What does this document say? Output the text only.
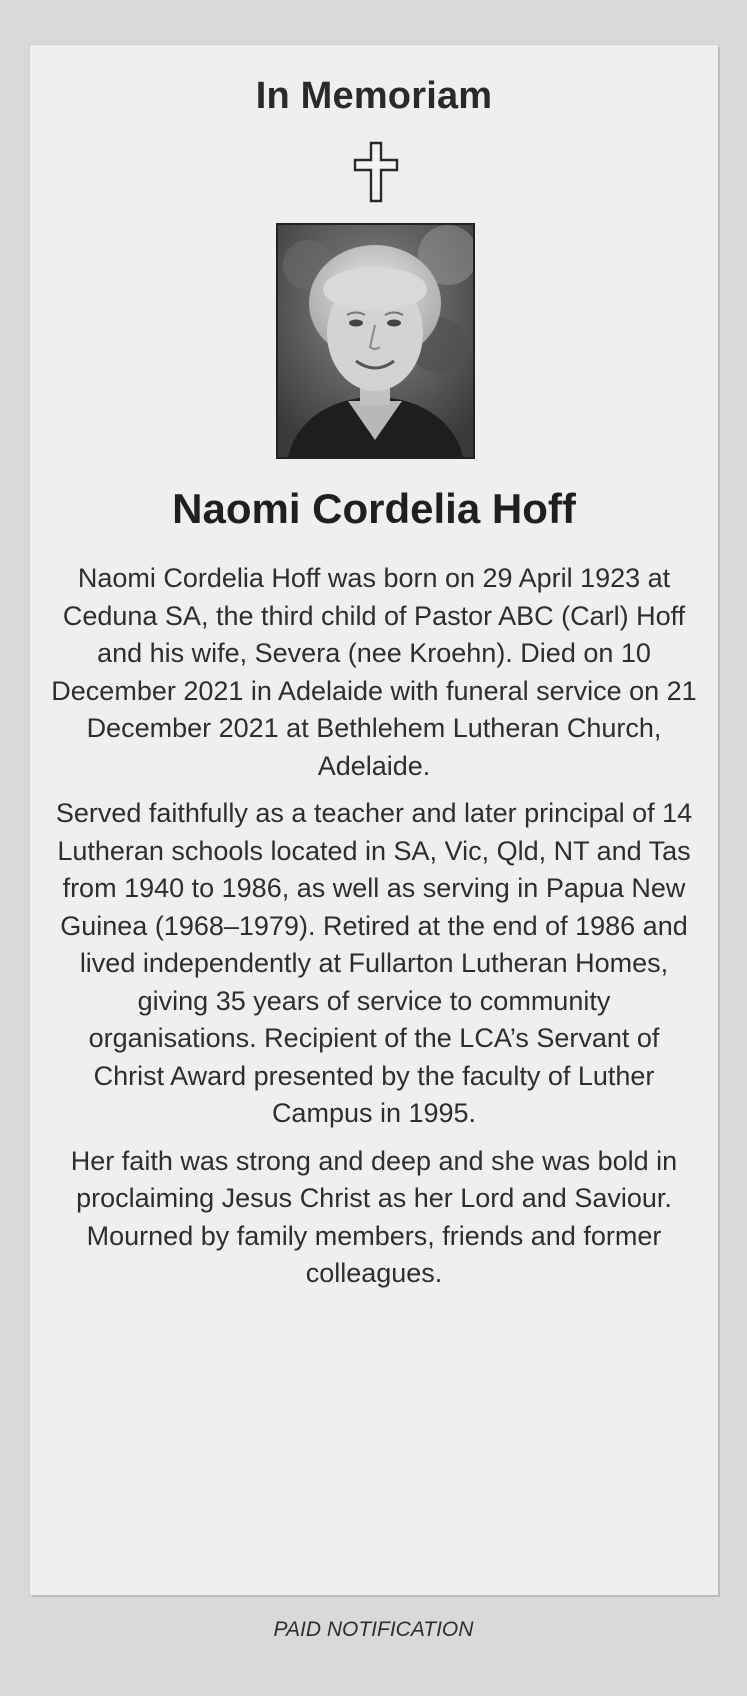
In Memoriam
Naomi Cordelia Hoff

Naomi Cordelia Hoff was born on 29 April 1923 at Ceduna SA, the third child of Pastor ABC (Carl) Hoff and his wife, Severa (nee Kroehn). Died on 10 December 2021 in Adelaide with funeral service on 21 December 2021 at Bethlehem Lutheran Church, Adelaide.

Served faithfully as a teacher and later principal of 14 Lutheran schools located in SA, Vic, Qld, NT and Tas from 1940 to 1986, as well as serving in Papua New Guinea (1968–1979). Retired at the end of 1986 and lived independently at Fullarton Lutheran Homes, giving 35 years of service to community organisations. Recipient of the LCA’s Servant of Christ Award presented by the faculty of Luther Campus in 1995.

Her faith was strong and deep and she was bold in proclaiming Jesus Christ as her Lord and Saviour. Mourned by family members, friends and former colleagues.

PAID NOTIFICATION
